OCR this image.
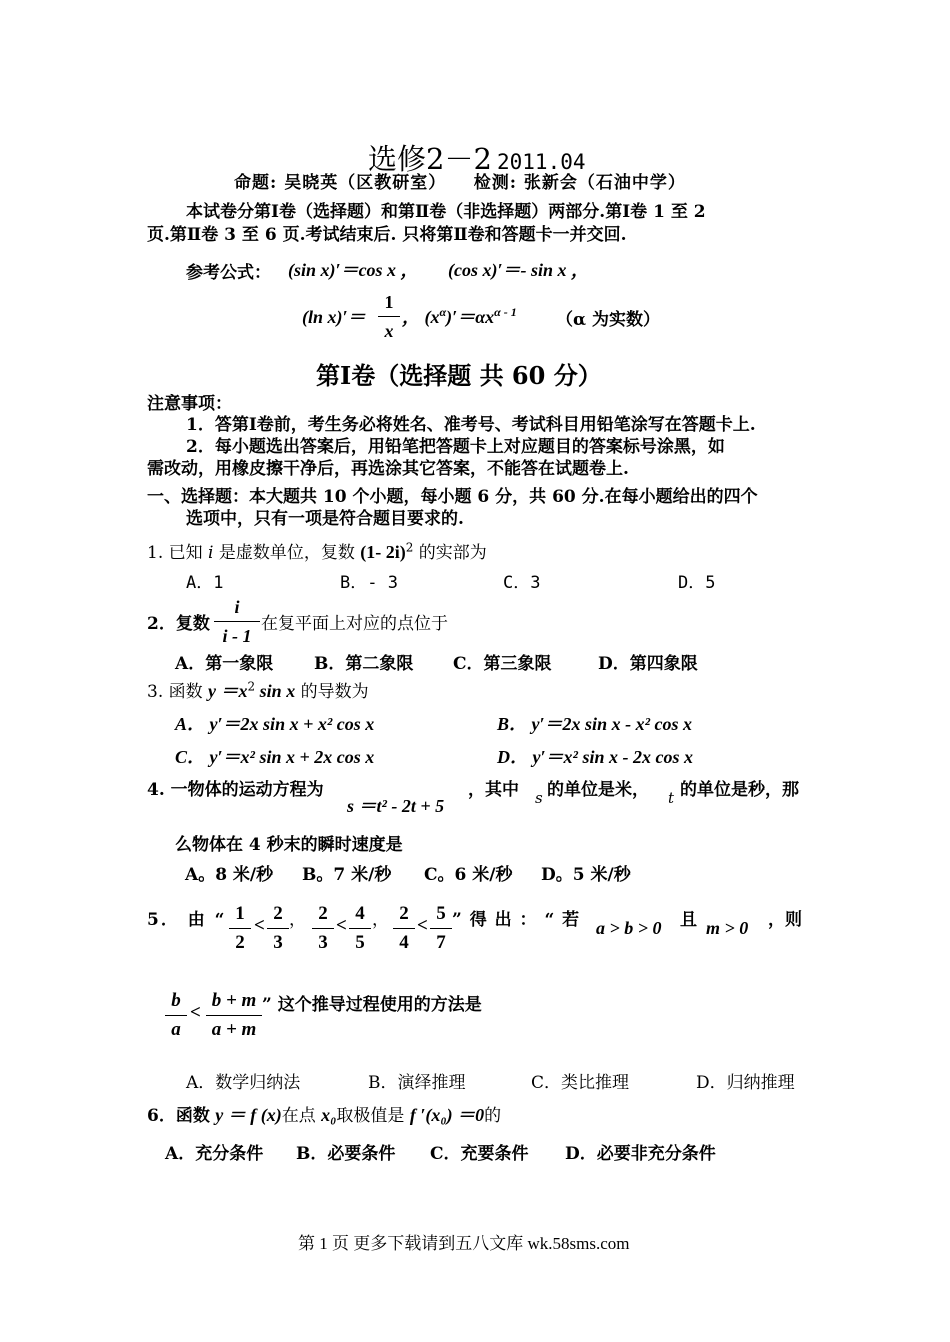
选修2－2 2011.04
命题: 吴晓英（区教研室）　　检测: 张新会（石油中学）
本试卷分第Ⅰ卷（选择题）和第Ⅱ卷（非选择题）两部分.第Ⅰ卷 1 至 2
页.第Ⅱ卷 3 至 6 页.考试结束后. 只将第Ⅱ卷和答题卡一并交回.
参考公式： (sin x)′＝cos x ， (cos x)′＝- sin x ，
(ln x)′＝
1
x
， $(x^\alpha)'=\alpha x^{\alpha - 1}$ （α 为实数）
第Ⅰ卷（选择题 共 60 分）
注意事项：
1．答第Ⅰ卷前，考生务必将姓名、准考号、考试科目用铅笔涂写在答题卡上.
2．每小题选出答案后，用铅笔把答题卡上对应题目的答案标号涂黑，如
需改动，用橡皮擦干净后，再选涂其它答案，不能答在试题卷上.
一、选择题：本大题共 10 个小题，每小题 6 分，共 60 分.在每小题给出的四个
选项中，只有一项是符合题目要求的.
1. 已知 i 是虚数单位，复数 (1- 2i)$^2$ 的实部为
A．1	B．- 3	C．3	D．5
2．复数
i
i - 1
在复平面上对应的点位于
A．第一象限 B．第二象限 C．第三象限	D．第四象限
3. 函数 $y =x^2$ sin x 的导数为
A． y′＝2x sin x + x² cos x	B． y′＝2x sin x - x² cos x
C． y′＝x² sin x + 2x cos x	D． y′＝x² sin x - 2x cos x
4. 一物体的运动方程为
s ＝t² - 2t + 5
，其中 s 的单位是米， t 的单位是秒，那
么物体在 4 秒末的瞬时速度是
A。8 米/秒 B。7 米/秒 C。6 米/秒 D。5 米/秒
5． 由 “ 1
2
<
2
3
， 2
3
<
4
5
， 2
4
<
5
7
” 得 出 ： “ 若 a > b > 0 且 m > 0 ，则
b
a
<
b + m
a + m
” 这个推导过程使用的方法是
A．数学归纳法	B．演绎推理	C．类比推理	D．归纳推理
6．函数 y ＝ f (x)在点 x₀取极值是 f ′(x₀) ＝0的
A．充分条件 B．必要条件 C．充要条件 D．必要非充分条件
第 1 页 更多下载请到五八文库 wk.58sms.com
